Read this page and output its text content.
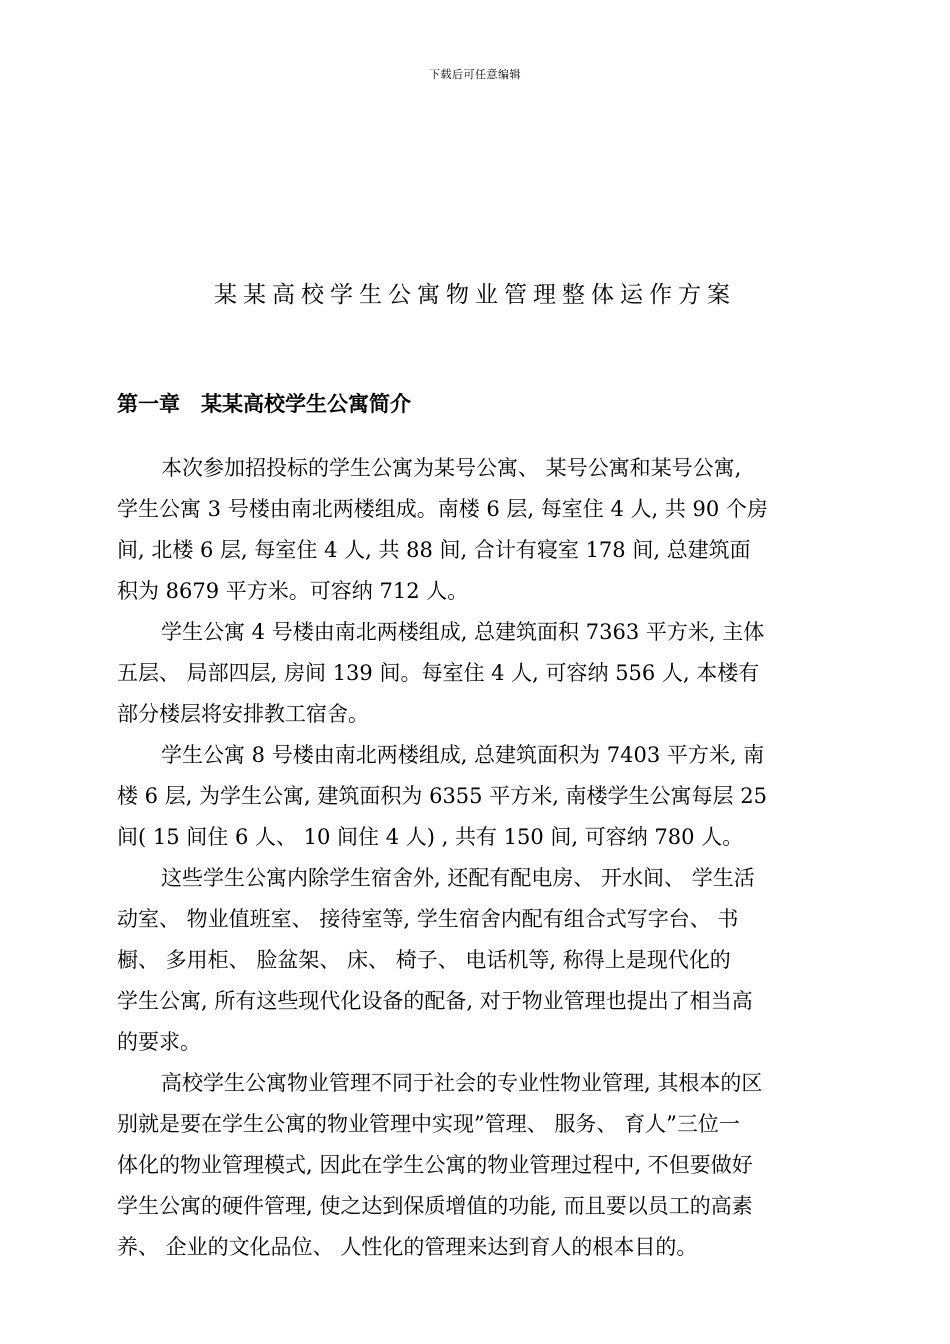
下载后可任意编辑
某某高校学生公寓物业管理整体运作方案
第一章　某某高校学生公寓简介
本次参加招投标的学生公寓为某号公寓、 某号公寓和某号公寓,
学生公寓 3 号楼由南北两楼组成。南楼 6 层, 每室住 4 人, 共 90 个房
间, 北楼 6 层, 每室住 4 人, 共 88 间, 合计有寝室 178 间, 总建筑面
积为 8679 平方米。可容纳 712 人。
学生公寓 4 号楼由南北两楼组成, 总建筑面积 7363 平方米, 主体
五层、 局部四层, 房间 139 间。每室住 4 人, 可容纳 556 人, 本楼有
部分楼层将安排教工宿舍。
学生公寓 8 号楼由南北两楼组成, 总建筑面积为 7403 平方米, 南
楼 6 层, 为学生公寓, 建筑面积为 6355 平方米, 南楼学生公寓每层 25
间( 15 间住 6 人、 10 间住 4 人) , 共有 150 间, 可容纳 780 人。
这些学生公寓内除学生宿舍外, 还配有配电房、 开水间、 学生活
动室、 物业值班室、 接待室等, 学生宿舍内配有组合式写字台、 书
橱、 多用柜、 脸盆架、 床、 椅子、 电话机等, 称得上是现代化的
学生公寓, 所有这些现代化设备的配备, 对于物业管理也提出了相当高
的要求。
高校学生公寓物业管理不同于社会的专业性物业管理, 其根本的区
别就是要在学生公寓的物业管理中实现”管理、 服务、 育人”三位一
体化的物业管理模式, 因此在学生公寓的物业管理过程中, 不但要做好
学生公寓的硬件管理, 使之达到保质增值的功能, 而且要以员工的高素
养、 企业的文化品位、 人性化的管理来达到育人的根本目的。
